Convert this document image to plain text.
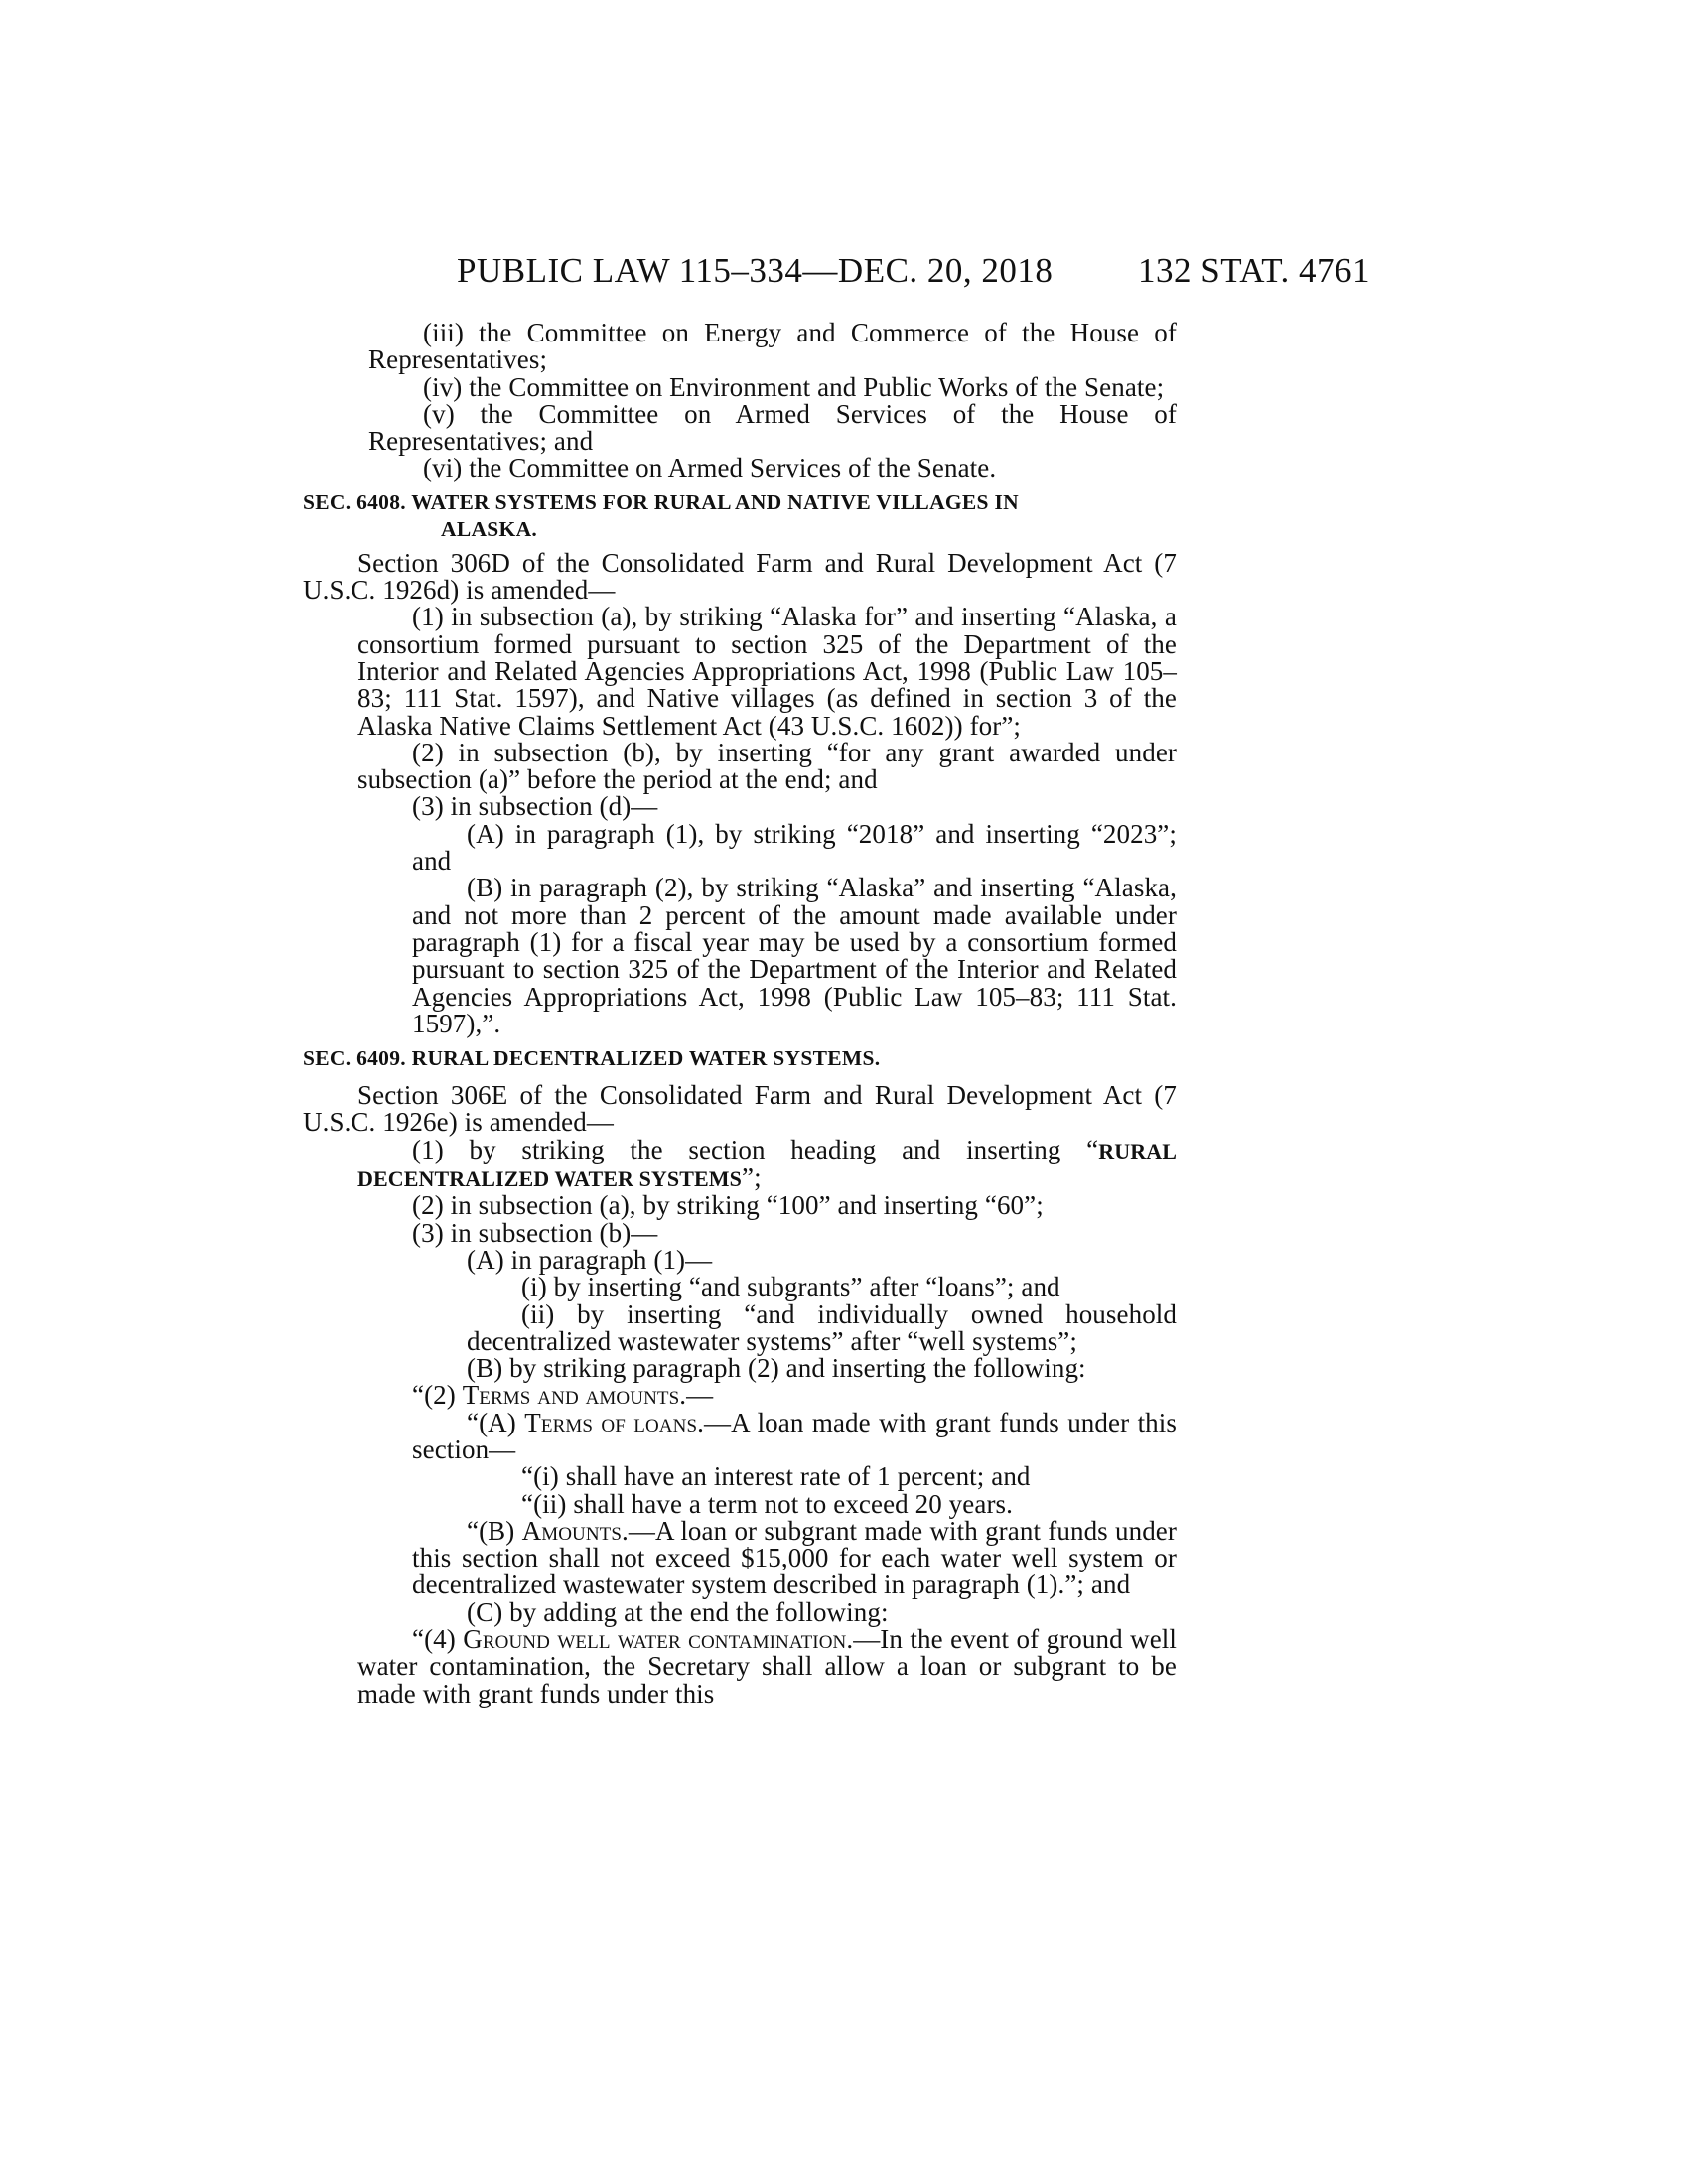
PUBLIC LAW 115–334—DEC. 20, 2018 132 STAT. 4761

(iii) the Committee on Energy and Commerce of the House of Representatives;

(iv) the Committee on Environment and Public Works of the Senate;

(v) the Committee on Armed Services of the House of Representatives; and

(vi) the Committee on Armed Services of the Senate.

SEC. 6408. WATER SYSTEMS FOR RURAL AND NATIVE VILLAGES IN
ALASKA.

Section 306D of the Consolidated Farm and Rural Development Act (7 U.S.C. 1926d) is amended—

(1) in subsection (a), by striking “Alaska for” and inserting “Alaska, a consortium formed pursuant to section 325 of the Department of the Interior and Related Agencies Appropriations Act, 1998 (Public Law 105–83; 111 Stat. 1597), and Native villages (as defined in section 3 of the Alaska Native Claims Settlement Act (43 U.S.C. 1602)) for”;

(2) in subsection (b), by inserting “for any grant awarded under subsection (a)” before the period at the end; and

(3) in subsection (d)—

(A) in paragraph (1), by striking “2018” and inserting “2023”; and

(B) in paragraph (2), by striking “Alaska” and inserting “Alaska, and not more than 2 percent of the amount made available under paragraph (1) for a fiscal year may be used by a consortium formed pursuant to section 325 of the Department of the Interior and Related Agencies Appropriations Act, 1998 (Public Law 105–83; 111 Stat. 1597),”.

SEC. 6409. RURAL DECENTRALIZED WATER SYSTEMS.

Section 306E of the Consolidated Farm and Rural Development Act (7 U.S.C. 1926e) is amended—

(1) by striking the section heading and inserting “RURAL DECENTRALIZED WATER SYSTEMS”;

(2) in subsection (a), by striking “100” and inserting “60”;

(3) in subsection (b)—

(A) in paragraph (1)—

(i) by inserting “and subgrants” after “loans”; and

(ii) by inserting “and individually owned household decentralized wastewater systems” after “well systems”;

(B) by striking paragraph (2) and inserting the following:

“(2) Terms and amounts.—

“(A) Terms of loans.—A loan made with grant funds under this section—

“(i) shall have an interest rate of 1 percent; and

“(ii) shall have a term not to exceed 20 years.

“(B) Amounts.—A loan or subgrant made with grant funds under this section shall not exceed $15,000 for each water well system or decentralized wastewater system described in paragraph (1).”; and

(C) by adding at the end the following:

“(4) Ground well water contamination.—In the event of ground well water contamination, the Secretary shall allow a loan or subgrant to be made with grant funds under this
